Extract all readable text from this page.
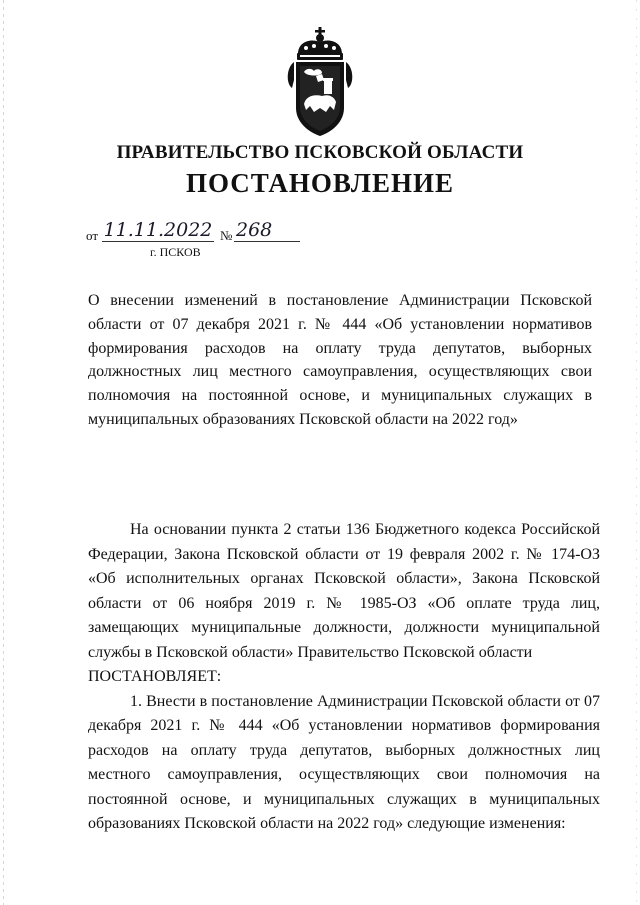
ПРАВИТЕЛЬСТВО ПСКОВСКОЙ ОБЛАСТИ
ПОСТАНОВЛЕНИЕ
от 11.11.2022 № 268
г. ПСКОВ
О внесении изменений в постановление Администрации Псковской области от 07 декабря 2021 г. № 444 «Об установлении нормативов формирования расходов на оплату труда депутатов, выборных должностных лиц местного самоуправления, осуществляющих свои полномочия на постоянной основе, и муниципальных служащих в муниципальных образованиях Псковской области на 2022 год»

На основании пункта 2 статьи 136 Бюджетного кодекса Российской Федерации, Закона Псковской области от 19 февраля 2002 г. № 174-ОЗ «Об исполнительных органах Псковской области», Закона Псковской области от 06 ноября 2019 г. № 1985-ОЗ «Об оплате труда лиц, замещающих муниципальные должности, должности муниципальной службы в Псковской области» Правительство Псковской области

ПОСТАНОВЛЯЕТ:

1. Внести в постановление Администрации Псковской области от 07 декабря 2021 г. № 444 «Об установлении нормативов формирования расходов на оплату труда депутатов, выборных должностных лиц местного самоуправления, осуществляющих свои полномочия на постоянной основе, и муниципальных служащих в муниципальных образованиях Псковской области на 2022 год» следующие изменения:
